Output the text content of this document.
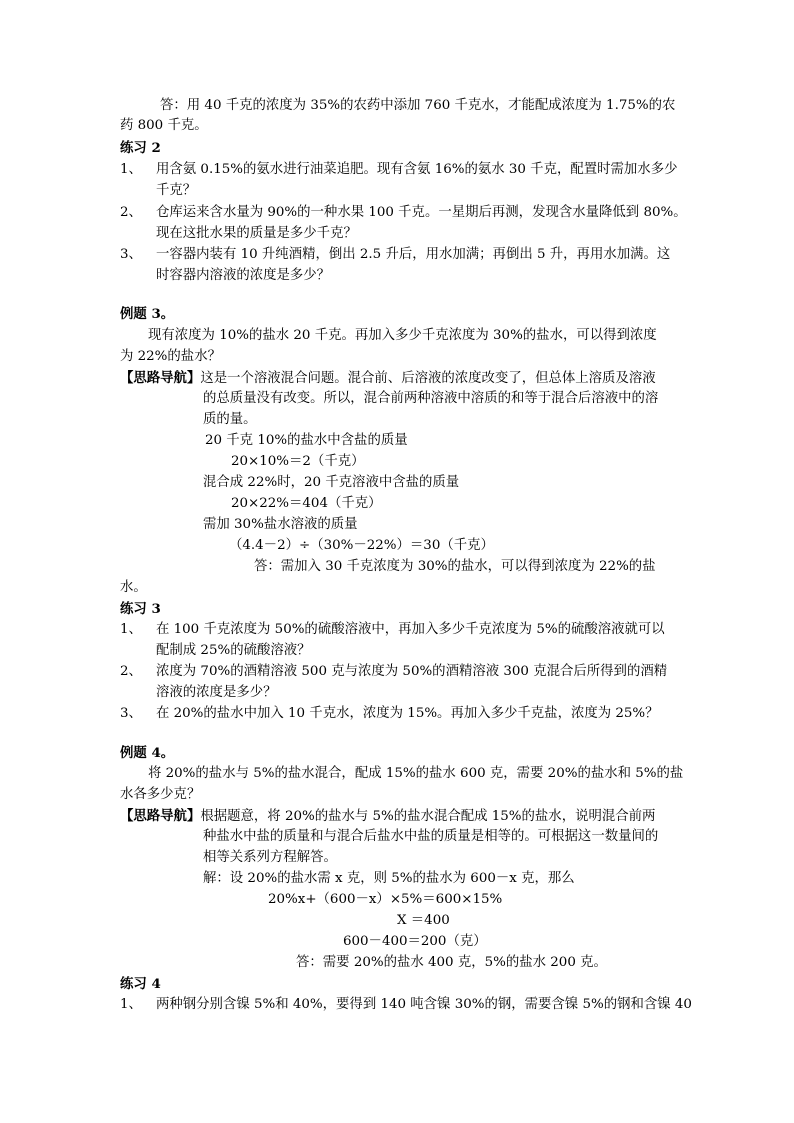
答：用 40 千克的浓度为 35%的农药中添加 760 千克水，才能配成浓度为 1.75%的农
药 800 千克。
练习 2
1、 用含氨 0.15%的氨水进行油菜追肥。现有含氨 16%的氨水 30 千克，配置时需加水多少
千克？
2、 仓库运来含水量为 90%的一种水果 100 千克。一星期后再测，发现含水量降低到 80%。
现在这批水果的质量是多少千克？
3、 一容器内装有 10 升纯酒精，倒出 2.5 升后，用水加满；再倒出 5 升，再用水加满。这
时容器内溶液的浓度是多少？
例题 3。
现有浓度为 10%的盐水 20 千克。再加入多少千克浓度为 30%的盐水，可以得到浓度
为 22%的盐水？
【思路导航】这是一个溶液混合问题。混合前、后溶液的浓度改变了，但总体上溶质及溶液
的总质量没有改变。所以，混合前两种溶液中溶质的和等于混合后溶液中的溶
质的量。
20 千克 10%的盐水中含盐的质量
20×10%＝2（千克）
混合成 22%时，20 千克溶液中含盐的质量
20×22%＝404（千克）
需加 30%盐水溶液的质量
（4.4－2）÷（30%－22%）＝30（千克）
答：需加入 30 千克浓度为 30%的盐水，可以得到浓度为 22%的盐
水。
练习 3
1、 在 100 千克浓度为 50%的硫酸溶液中，再加入多少千克浓度为 5%的硫酸溶液就可以
配制成 25%的硫酸溶液？
2、 浓度为 70%的酒精溶液 500 克与浓度为 50%的酒精溶液 300 克混合后所得到的酒精
溶液的浓度是多少？
3、 在 20%的盐水中加入 10 千克水，浓度为 15%。再加入多少千克盐，浓度为 25%？
例题 4。
将 20%的盐水与 5%的盐水混合，配成 15%的盐水 600 克，需要 20%的盐水和 5%的盐
水各多少克？
【思路导航】根据题意，将 20%的盐水与 5%的盐水混合配成 15%的盐水，说明混合前两
种盐水中盐的质量和与混合后盐水中盐的质量是相等的。可根据这一数量间的
相等关系列方程解答。
解：设 20%的盐水需 x 克，则 5%的盐水为 600－x 克，那么
20%x+（600－x）×5%＝600×15%
X ＝400
600－400＝200（克）
答：需要 20%的盐水 400 克，5%的盐水 200 克。
练习 4
1、 两种钢分别含镍 5%和 40%，要得到 140 吨含镍 30%的钢，需要含镍 5%的钢和含镍 40
